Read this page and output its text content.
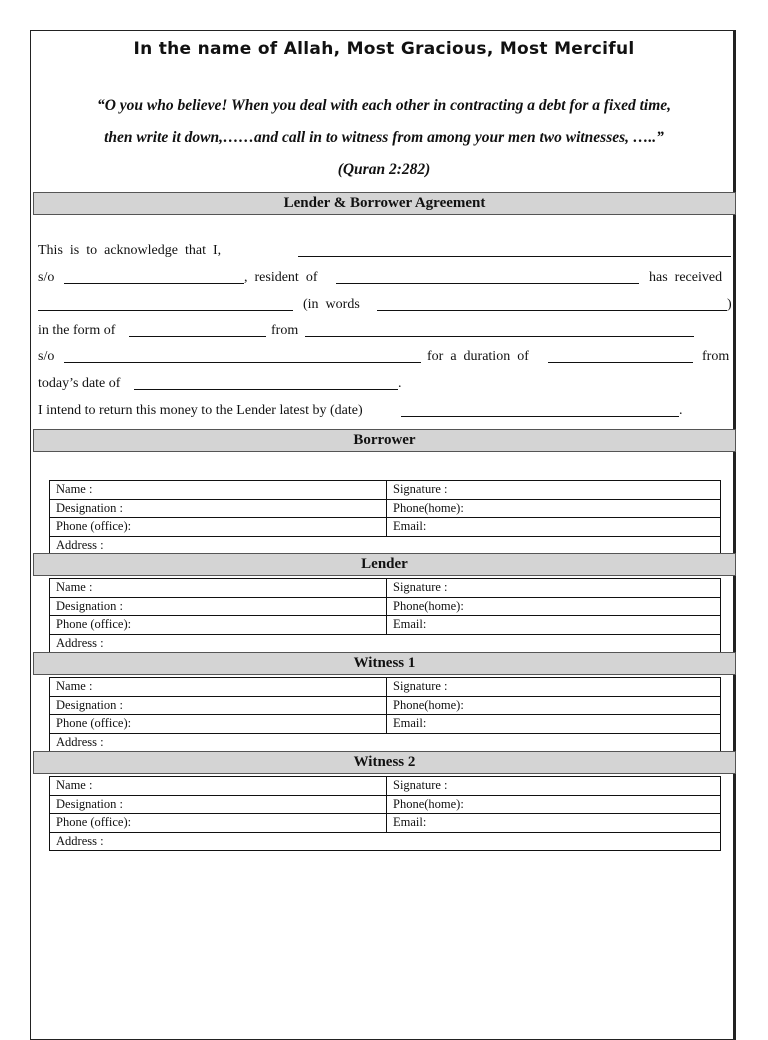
In the name of Allah, Most Gracious, Most Merciful
“O you who believe! When you deal with each other in contracting a debt for a fixed time,
then write it down,……and call in to witness from among your men two witnesses, …..”
(Quran 2:282)
Lender & Borrower Agreement
This  is  to  acknowledge  that  I,
s/o	,  resident  of	has  received
(in  words	)
in the form of	from
s/o	for  a  duration  of	from
today’s date of	.
I intend to return this money to the Lender latest by (date)	.
Borrower
Name :	Signature :
Designation :	Phone(home):
Phone (office):	Email:
Address :	
Lender
Name :	Signature :
Designation :	Phone(home):
Phone (office):	Email:
Address :	
Witness 1
Name :	Signature :
Designation :	Phone(home):
Phone (office):	Email:
Address :	
Witness 2
Name :	Signature :
Designation :	Phone(home):
Phone (office):	Email:
Address :	
